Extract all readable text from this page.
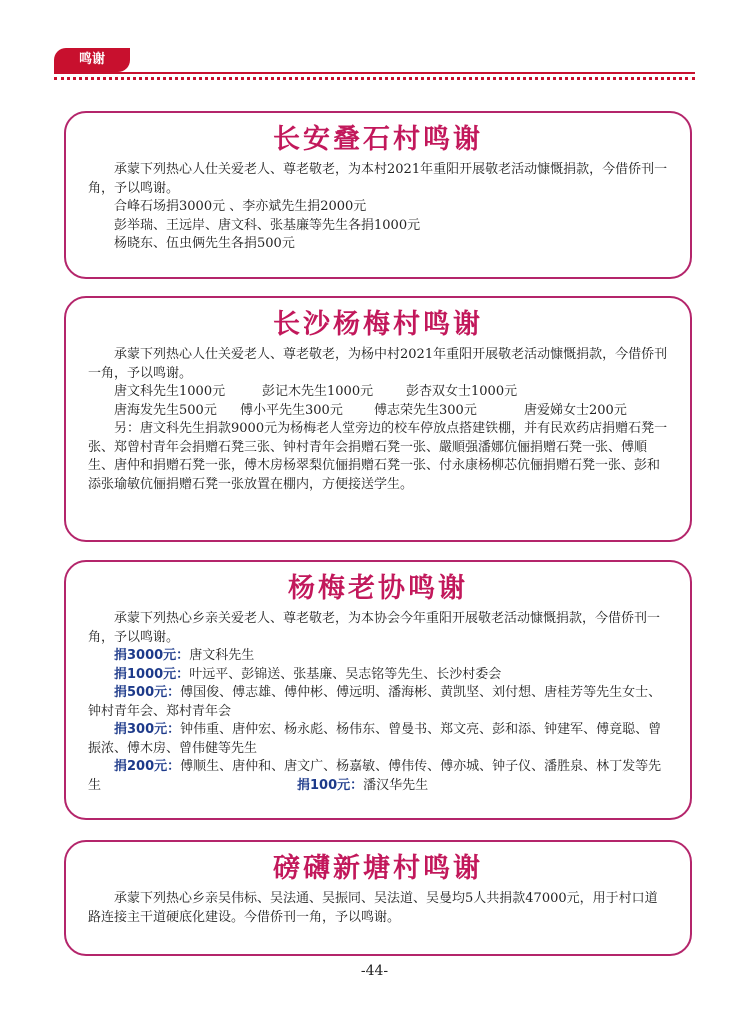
鸣谢
长安叠石村鸣谢

承蒙下列热心人仕关爱老人、尊老敬老，为本村2021年重阳开展敬老活动慷慨捐款，今借侨刊一角，予以鸣谢。

合峰石场捐3000元 、李亦斌先生捐2000元

彭举瑞、王远岸、唐文科、张基廉等先生各捐1000元

杨晓东、伍虫俩先生各捐500元

长沙杨梅村鸣谢

承蒙下列热心人仕关爱老人、尊老敬老，为杨中村2021年重阳开展敬老活动慷慨捐款，今借侨刊一角，予以鸣谢。

唐文科先生1000元	彭记木先生1000元	彭杏双女士1000元
唐海发先生500元	傅小平先生300元	傅志荣先生300元	唐爱娣女士200元

另：唐文科先生捐款9000元为杨梅老人堂旁边的校车停放点搭建铁棚，并有民欢药店捐赠石凳一张、郑曾村青年会捐赠石凳三张、钟村青年会捐赠石凳一张、嚴順强潘娜伉俪捐赠石凳一张、傅順生、唐仲和捐赠石凳一张，傅木房杨翠梨伉俪捐赠石凳一张、付永康杨柳芯伉俪捐赠石凳一张、彭和添张瑜敏伉俪捐赠石凳一张放置在棚内，方便接送学生。

杨梅老协鸣谢

承蒙下列热心乡亲关爱老人、尊老敬老，为本协会今年重阳开展敬老活动慷慨捐款，今借侨刊一角，予以鸣谢。

捐3000元：唐文科先生

捐1000元：叶远平、彭锦送、张基廉、吴志铭等先生、长沙村委会

捐500元：傅国俊、傅志雄、傅仲彬、傅远明、潘海彬、黄凯坚、刘付想、唐桂芳等先生女士、钟村青年会、郑村青年会

捐300元：钟伟重、唐仲宏、杨永彪、杨伟东、曾曼书、郑文亮、彭和添、钟建军、傅竟聪、曾振浓、傅木房、曾伟健等先生

捐200元：傅顺生、唐仲和、唐文广、杨嘉敏、傅伟传、傅亦城、钟子仪、潘胜泉、林丁发等先生	捐100元：潘汉华先生

磅礴新塘村鸣谢

承蒙下列热心乡亲吴伟标、吴法通、吴振同、吴法道、吴曼均5人共捐款47000元，用于村口道路连接主干道硬底化建设。今借侨刊一角，予以鸣谢。

-44-
